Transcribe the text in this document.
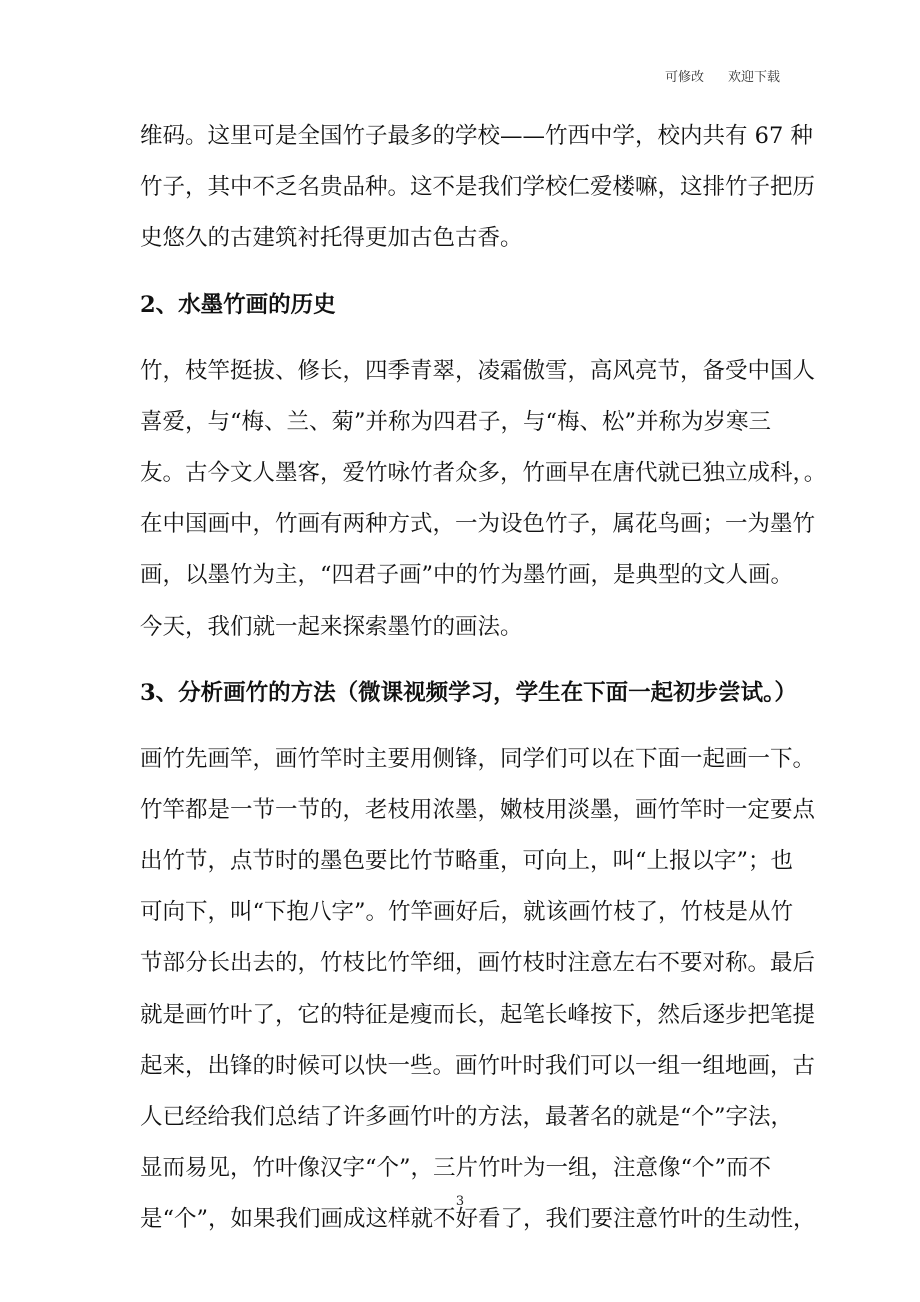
可修改 欢迎下载
维码。这里可是全国竹子最多的学校——竹西中学，校内共有 67 种
竹子，其中不乏名贵品种。这不是我们学校仁爱楼嘛，这排竹子把历
史悠久的古建筑衬托得更加古色古香。
2、水墨竹画的历史
竹，枝竿挺拔、修长，四季青翠，凌霜傲雪，高风亮节，备受中国人
喜爱，与“梅、兰、菊”并称为四君子，与“梅、松”并称为岁寒三
友。古今文人墨客，爱竹咏竹者众多，竹画早在唐代就已独立成科，。
在中国画中，竹画有两种方式，一为设色竹子，属花鸟画；一为墨竹
画，以墨竹为主，“四君子画”中的竹为墨竹画，是典型的文人画。
今天，我们就一起来探索墨竹的画法。
3、分析画竹的方法（微课视频学习，学生在下面一起初步尝试。）
画竹先画竿，画竹竿时主要用侧锋，同学们可以在下面一起画一下。
竹竿都是一节一节的，老枝用浓墨，嫩枝用淡墨，画竹竿时一定要点
出竹节，点节时的墨色要比竹节略重，可向上，叫“上报以字”；也
可向下，叫“下抱八字”。竹竿画好后，就该画竹枝了，竹枝是从竹
节部分长出去的，竹枝比竹竿细，画竹枝时注意左右不要对称。最后
就是画竹叶了，它的特征是瘦而长，起笔长峰按下，然后逐步把笔提
起来，出锋的时候可以快一些。画竹叶时我们可以一组一组地画，古
人已经给我们总结了许多画竹叶的方法，最著名的就是“个”字法，
显而易见，竹叶像汉字“个”，三片竹叶为一组，注意像“个”而不
是“个”，如果我们画成这样就不好看了，我们要注意竹叶的生动性，
3
